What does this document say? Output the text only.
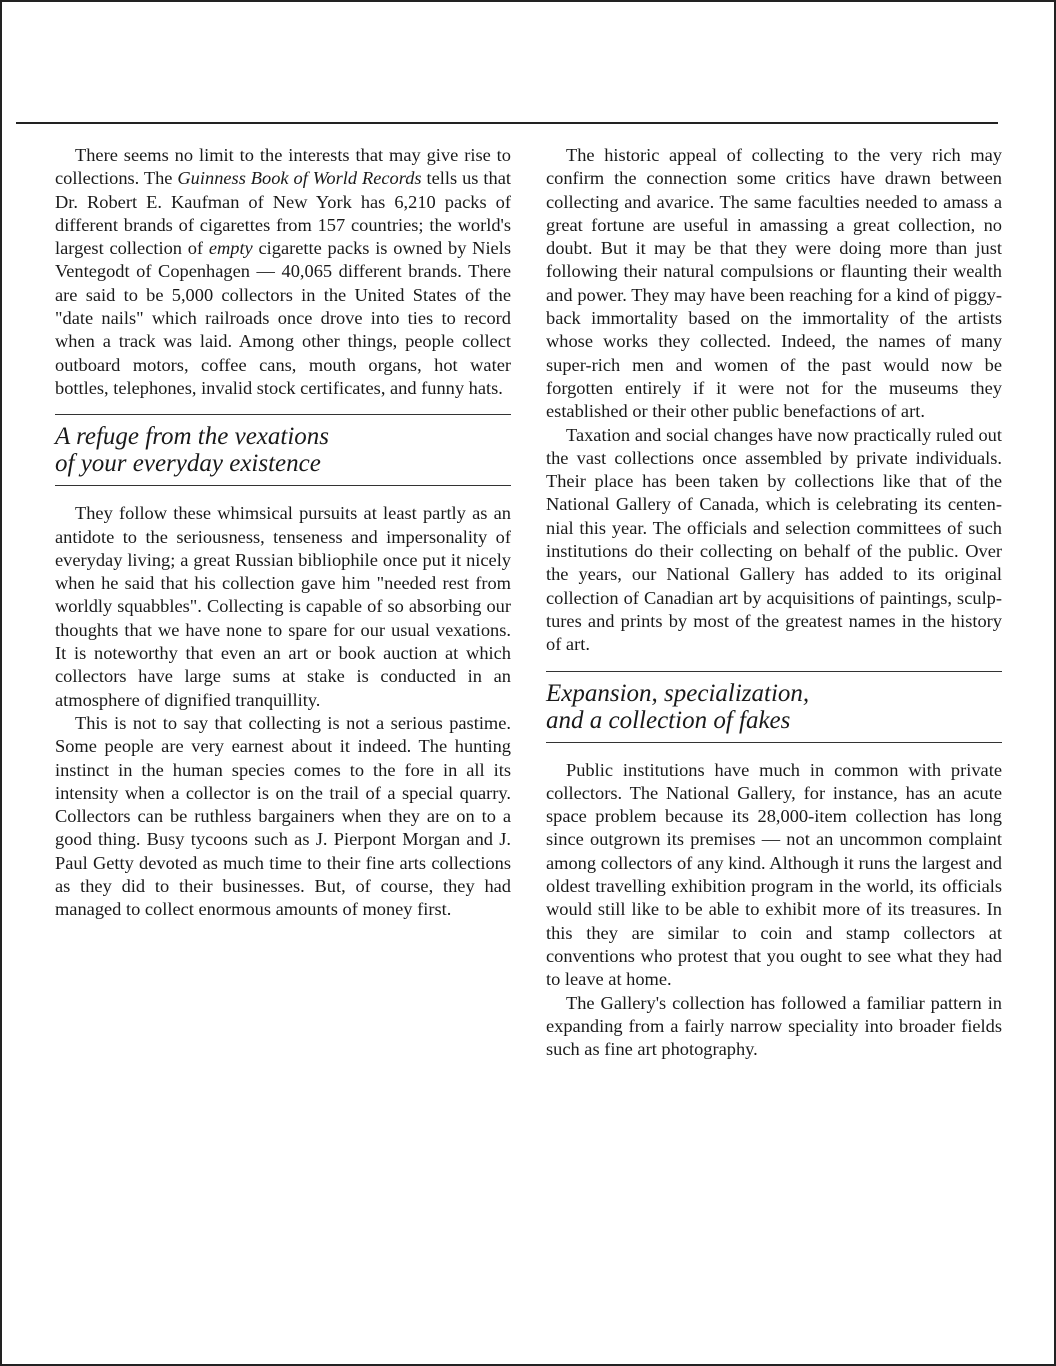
There seems no limit to the interests that may give rise to collections. The Guinness Book of World Records tells us that Dr. Robert E. Kaufman of New York has 6,210 packs of different brands of cigarettes from 157 countries; the world's largest collection of empty cigarette packs is owned by Niels Ventegodt of Copenhagen — 40,065 different brands. There are said to be 5,000 collectors in the United States of the "date nails" which railroads once drove into ties to record when a track was laid. Among other things, people collect outboard motors, coffee cans, mouth organs, hot water bottles, telephones, invalid stock certificates, and funny hats.

A refuge from the vexations
of your everyday existence

They follow these whimsical pursuits at least partly as an antidote to the seriousness, tenseness and impersonality of everyday living; a great Russian bibliophile once put it nicely when he said that his collection gave him "needed rest from worldly squabbles". Collecting is capable of so absorbing our thoughts that we have none to spare for our usual vexations. It is noteworthy that even an art or book auction at which collectors have large sums at stake is conducted in an atmosphere of dignified tranquillity.

This is not to say that collecting is not a serious pastime. Some people are very earnest about it indeed. The hunting instinct in the human species comes to the fore in all its intensity when a collector is on the trail of a special quarry. Collectors can be ruthless bargainers when they are on to a good thing. Busy tycoons such as J. Pierpont Morgan and J. Paul Getty devoted as much time to their fine arts collections as they did to their businesses. But, of course, they had managed to collect enormous amounts of money first.

The historic appeal of collecting to the very rich may confirm the connection some critics have drawn between collecting and avarice. The same faculties needed to amass a great fortune are useful in amassing a great collection, no doubt. But it may be that they were doing more than just following their natural compulsions or flaunting their wealth and power. They may have been reaching for a kind of piggy-back immortality based on the immortality of the artists whose works they collected. Indeed, the names of many super-rich men and women of the past would now be forgotten entirely if it were not for the museums they established or their other public benefactions of art.

Taxation and social changes have now practically ruled out the vast collections once assembled by private individuals. Their place has been taken by collections like that of the National Gallery of Canada, which is celebrating its centennial this year. The officials and selection committees of such institutions do their collecting on behalf of the public. Over the years, our National Gallery has added to its original collection of Canadian art by acquisitions of paintings, sculptures and prints by most of the greatest names in the history of art.

Expansion, specialization,
and a collection of fakes

Public institutions have much in common with private collectors. The National Gallery, for instance, has an acute space problem because its 28,000-item collection has long since outgrown its premises — not an uncommon complaint among collectors of any kind. Although it runs the largest and oldest travelling exhibition program in the world, its officials would still like to be able to exhibit more of its treasures. In this they are similar to coin and stamp collectors at conventions who protest that you ought to see what they had to leave at home.

The Gallery's collection has followed a familiar pattern in expanding from a fairly narrow speciality into broader fields such as fine art photography.
